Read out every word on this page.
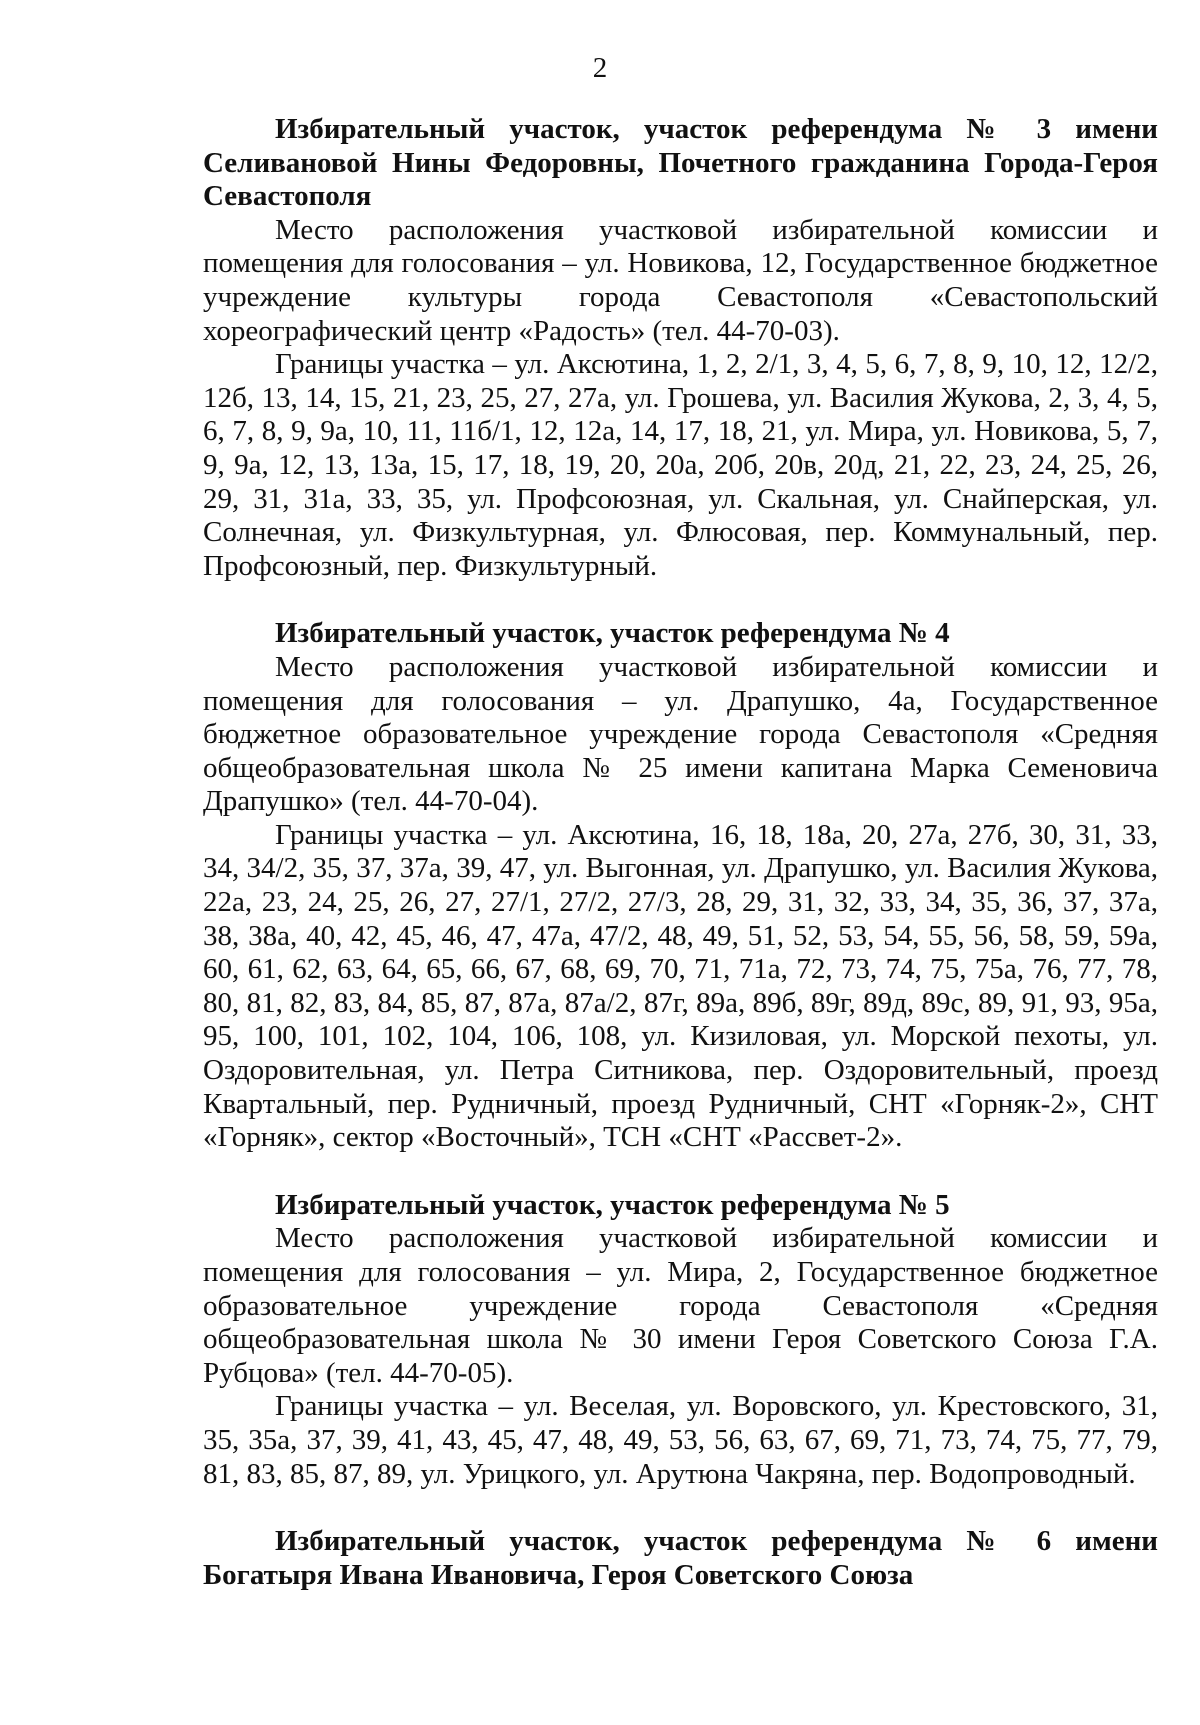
2
Избирательный участок, участок референдума № 3 имени Селивановой Нины Федоровны, Почетного гражданина Города-Героя Севастополя
Место расположения участковой избирательной комиссии и помещения для голосования – ул. Новикова, 12, Государственное бюджетное учреждение культуры города Севастополя «Севастопольский хореографический центр «Радость» (тел. 44-70-03).
Границы участка – ул. Аксютина, 1, 2, 2/1, 3, 4, 5, 6, 7, 8, 9, 10, 12, 12/2, 12б, 13, 14, 15, 21, 23, 25, 27, 27а, ул. Грошева, ул. Василия Жукова, 2, 3, 4, 5, 6, 7, 8, 9, 9а, 10, 11, 11б/1, 12, 12а, 14, 17, 18, 21, ул. Мира, ул. Новикова, 5, 7, 9, 9а, 12, 13, 13а, 15, 17, 18, 19, 20, 20а, 20б, 20в, 20д, 21, 22, 23, 24, 25, 26, 29, 31, 31а, 33, 35, ул. Профсоюзная, ул. Скальная, ул. Снайперская, ул. Солнечная, ул. Физкультурная, ул. Флюсовая, пер. Коммунальный, пер. Профсоюзный, пер. Физкультурный.
Избирательный участок, участок референдума № 4
Место расположения участковой избирательной комиссии и помещения для голосования – ул. Драпушко, 4а, Государственное бюджетное образовательное учреждение города Севастополя «Средняя общеобразовательная школа № 25 имени капитана Марка Семеновича Драпушко» (тел. 44-70-04).
Границы участка – ул. Аксютина, 16, 18, 18а, 20, 27а, 27б, 30, 31, 33, 34, 34/2, 35, 37, 37а, 39, 47, ул. Выгонная, ул. Драпушко, ул. Василия Жукова, 22а, 23, 24, 25, 26, 27, 27/1, 27/2, 27/3, 28, 29, 31, 32, 33, 34, 35, 36, 37, 37а, 38, 38а, 40, 42, 45, 46, 47, 47а, 47/2, 48, 49, 51, 52, 53, 54, 55, 56, 58, 59, 59а, 60, 61, 62, 63, 64, 65, 66, 67, 68, 69, 70, 71, 71а, 72, 73, 74, 75, 75а, 76, 77, 78, 80, 81, 82, 83, 84, 85, 87, 87а, 87а/2, 87г, 89а, 89б, 89г, 89д, 89с, 89, 91, 93, 95а, 95, 100, 101, 102, 104, 106, 108, ул. Кизиловая, ул. Морской пехоты, ул. Оздоровительная, ул. Петра Ситникова, пер. Оздоровительный, проезд Квартальный, пер. Рудничный, проезд Рудничный, СНТ «Горняк-2», СНТ «Горняк», сектор «Восточный», ТСН «СНТ «Рассвет-2».
Избирательный участок, участок референдума № 5
Место расположения участковой избирательной комиссии и помещения для голосования – ул. Мира, 2, Государственное бюджетное образовательное учреждение города Севастополя «Средняя общеобразовательная школа № 30 имени Героя Советского Союза Г.А. Рубцова» (тел. 44-70-05).
Границы участка – ул. Веселая, ул. Воровского, ул. Крестовского, 31, 35, 35а, 37, 39, 41, 43, 45, 47, 48, 49, 53, 56, 63, 67, 69, 71, 73, 74, 75, 77, 79, 81, 83, 85, 87, 89, ул. Урицкого, ул. Арутюна Чакряна, пер. Водопроводный.
Избирательный участок, участок референдума № 6 имени Богатыря Ивана Ивановича, Героя Советского Союза
